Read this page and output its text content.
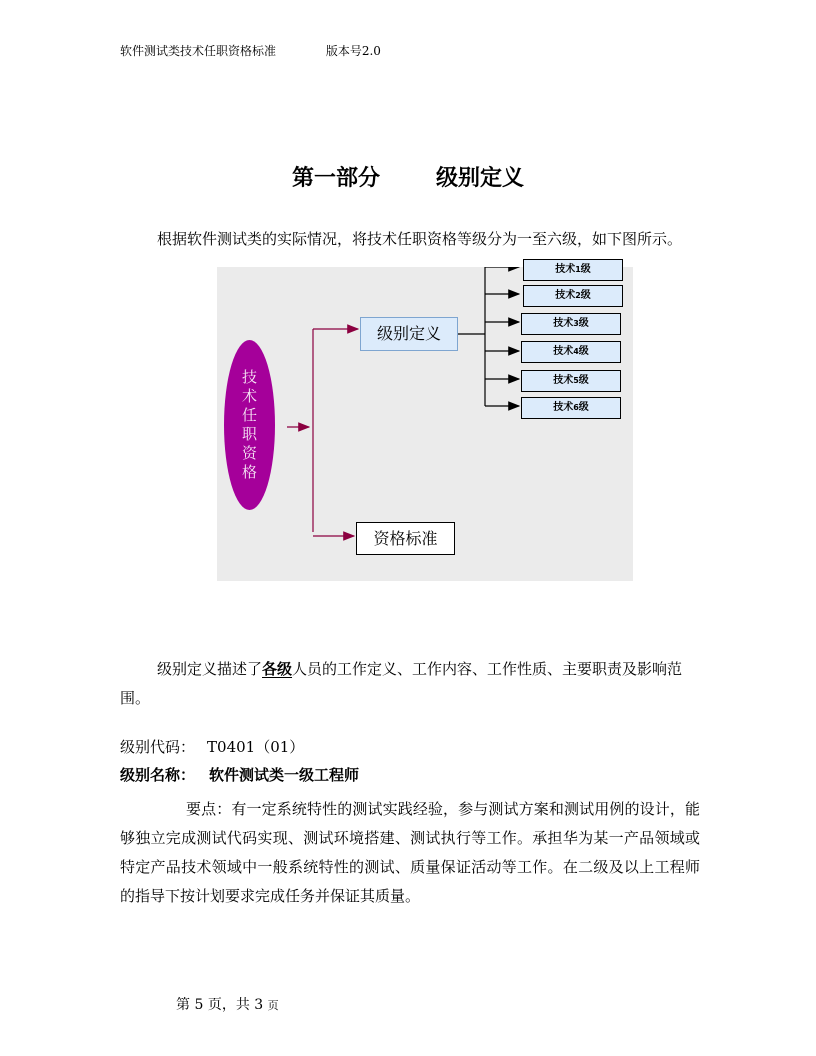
软件测试类技术任职资格标准	版本号2.0
第一部分	级别定义
根据软件测试类的实际情况，将技术任职资格等级分为一至六级，如下图所示。
技
术
任
职
资
格
级别定义
资格标准
技术1级
技术2级
技术3级
技术4级
技术5级
技术6级
级别定义描述了各级人员的工作定义、工作内容、工作性质、主要职责及影响范围。
级别代码： T0401（01）
级别名称： 软件测试类一级工程师
要点：有一定系统特性的测试实践经验，参与测试方案和测试用例的设计，能够独立完成测试代码实现、测试环境搭建、测试执行等工作。承担华为某一产品领域或特定产品技术领域中一般系统特性的测试、质量保证活动等工作。在二级及以上工程师的指导下按计划要求完成任务并保证其质量。
第 5 页，共 3 页
